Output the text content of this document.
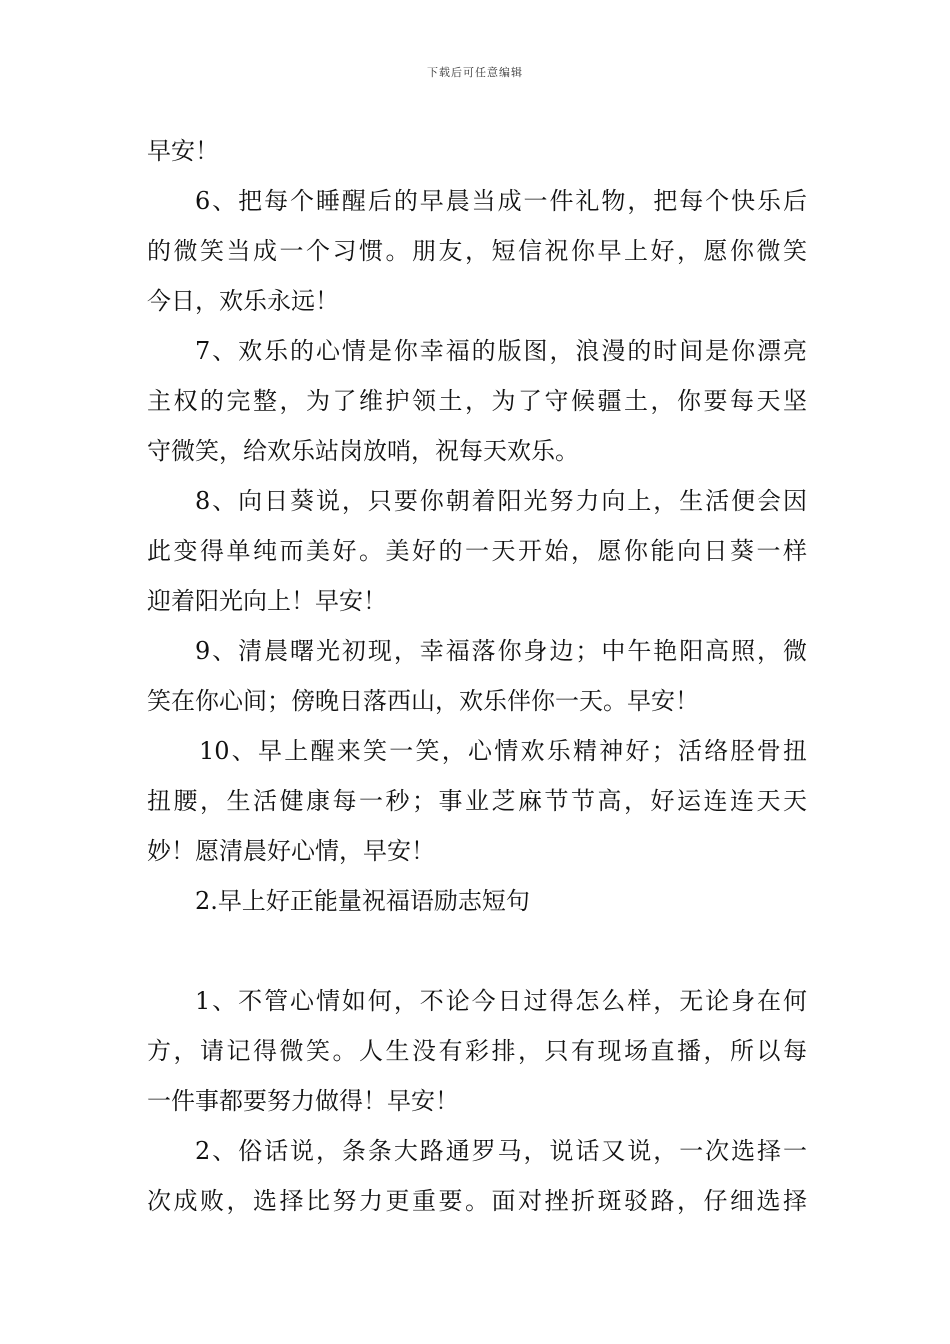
下载后可任意编辑
早安！
6、把每个睡醒后的早晨当成一件礼物，把每个快乐后
的微笑当成一个习惯。朋友，短信祝你早上好，愿你微笑
今日，欢乐永远！
7、欢乐的心情是你幸福的版图，浪漫的时间是你漂亮
主权的完整，为了维护领土，为了守候疆土，你要每天坚
守微笑，给欢乐站岗放哨，祝每天欢乐。
8、向日葵说，只要你朝着阳光努力向上，生活便会因
此变得单纯而美好。美好的一天开始，愿你能向日葵一样
迎着阳光向上！早安！
9、清晨曙光初现，幸福落你身边；中午艳阳高照，微
笑在你心间；傍晚日落西山，欢乐伴你一天。早安！
10、早上醒来笑一笑，心情欢乐精神好；活络胫骨扭
扭腰，生活健康每一秒；事业芝麻节节高，好运连连天天
妙！愿清晨好心情，早安！
2.早上好正能量祝福语励志短句
1、不管心情如何，不论今日过得怎么样，无论身在何
方，请记得微笑。人生没有彩排，只有现场直播，所以每
一件事都要努力做得！早安！
2、俗话说，条条大路通罗马，说话又说，一次选择一
次成败，选择比努力更重要。面对挫折斑驳路，仔细选择
